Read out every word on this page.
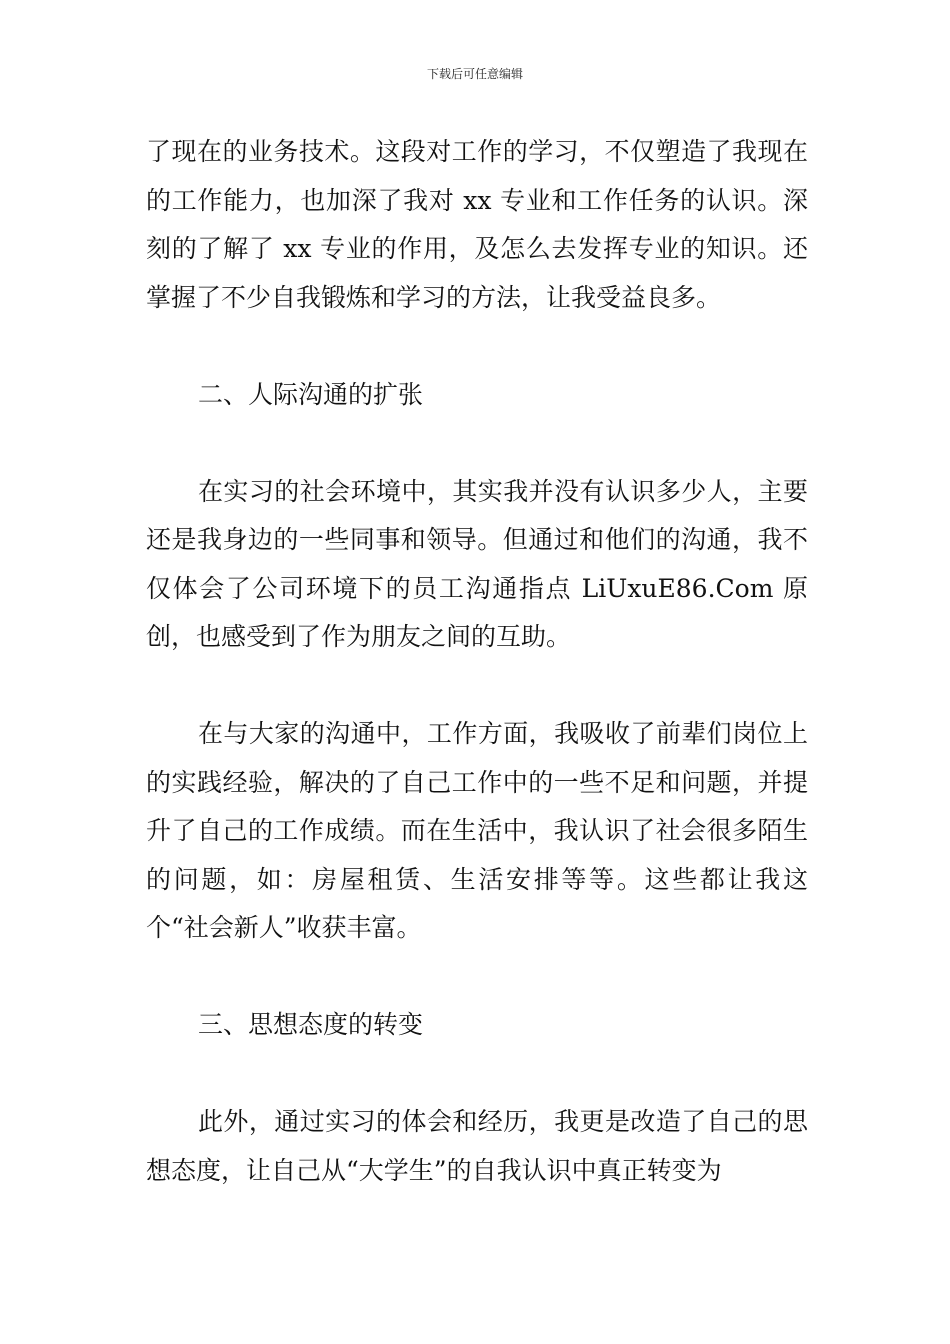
下载后可任意编辑

了现在的业务技术。这段对工作的学习，不仅塑造了我现在的工作能力，也加深了我对 xx 专业和工作任务的认识。深刻的了解了 xx 专业的作用，及怎么去发挥专业的知识。还掌握了不少自我锻炼和学习的方法，让我受益良多。

二、人际沟通的扩张

在实习的社会环境中，其实我并没有认识多少人，主要还是我身边的一些同事和领导。但通过和他们的沟通，我不仅体会了公司环境下的员工沟通指点 LiUxuE86.Com 原创，也感受到了作为朋友之间的互助。

在与大家的沟通中，工作方面，我吸收了前辈们岗位上的实践经验，解决的了自己工作中的一些不足和问题，并提升了自己的工作成绩。而在生活中，我认识了社会很多陌生的问题，如：房屋租赁、生活安排等等。这些都让我这个“社会新人”收获丰富。

三、思想态度的转变

此外，通过实习的体会和经历，我更是改造了自己的思想态度，让自己从“大学生”的自我认识中真正转变为
